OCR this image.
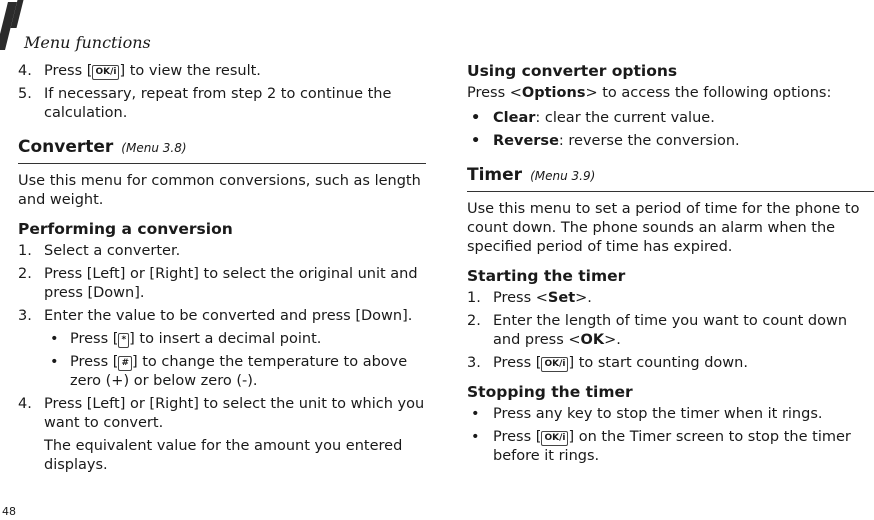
Menu functions
4. Press [ OK/i ] to view the result.
5. If necessary, repeat from step 2 to continue the calculation.
Converter (Menu 3.8)
Use this menu for common conversions, such as length and weight.
Performing a conversion
1. Select a converter.
2. Press [Left] or [Right] to select the original unit and press [Down].
3. Enter the value to be converted and press [Down].
• Press [ * ] to insert a decimal point.
• Press [ # ] to change the temperature to above zero (+) or below zero (-).
4. Press [Left] or [Right] to select the unit to which you want to convert.
The equivalent value for the amount you entered displays.
Using converter options
Press <Options> to access the following options:
• Clear: clear the current value.
• Reverse: reverse the conversion.
Timer (Menu 3.9)
Use this menu to set a period of time for the phone to count down. The phone sounds an alarm when the specified period of time has expired.
Starting the timer
1. Press <Set>.
2. Enter the length of time you want to count down and press <OK>.
3. Press [ OK/i ] to start counting down.
Stopping the timer
• Press any key to stop the timer when it rings.
• Press [ OK/i ] on the Timer screen to stop the timer before it rings.
48
